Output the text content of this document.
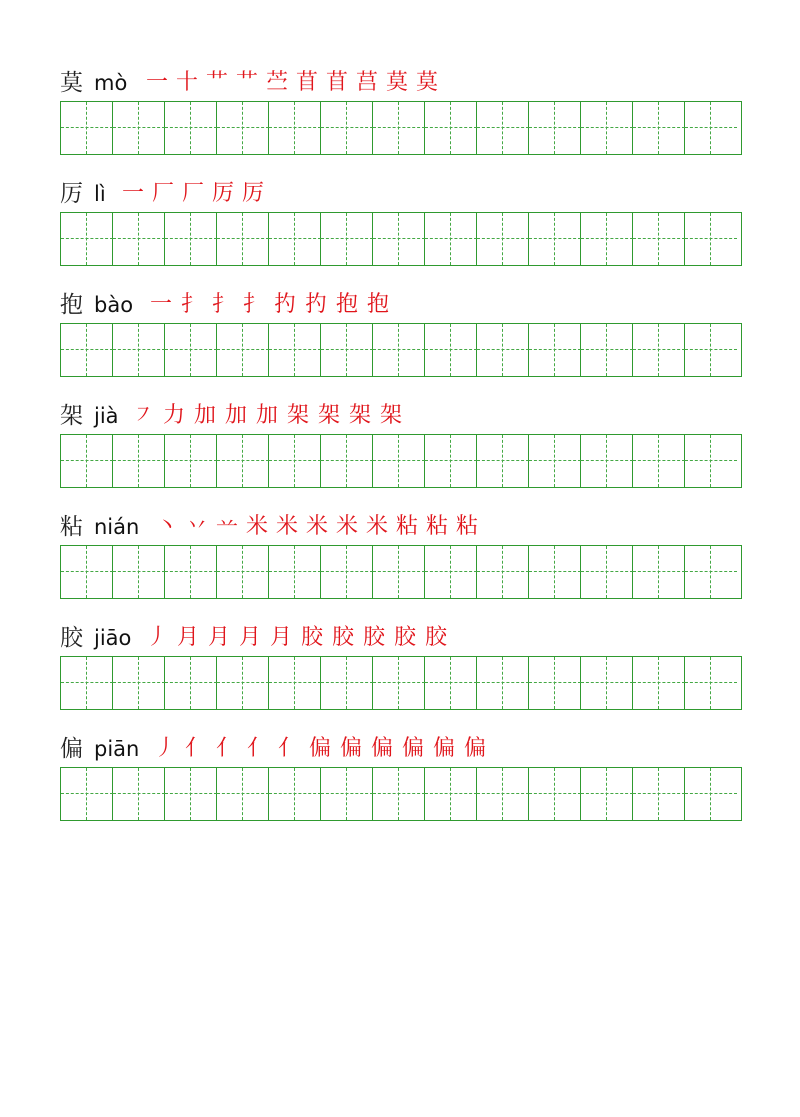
莫 mò 一 十 艹 艹 苎 苜 苜 莒 莫 莫
厉 lì 一 厂 厂 厉 厉
抱 bào 一 扌 扌 扌 扚 扚 抱 抱
架 jià ㇇ 力 加 加 加 架 架 架 架
粘 nián 丶 丷 䒑 米 米 米 米 米 粘 粘 粘
胶 jiāo 丿 月 月 月 月 胶 胶 胶 胶 胶
偏 piān 丿 亻 亻 亻 亻 偏 偏 偏 偏 偏 偏
